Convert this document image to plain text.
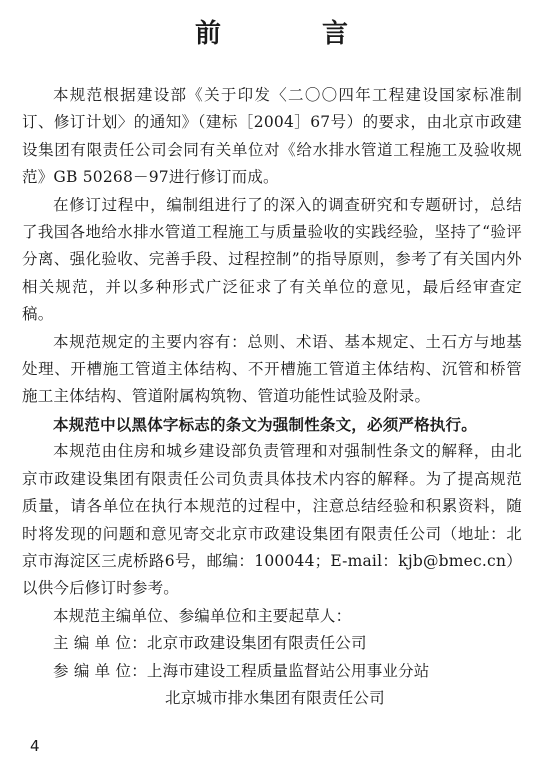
前 言

本规范根据建设部《关于印发〈二〇〇四年工程建设国家标准制订、修订计划〉的通知》（建标［2004］67号）的要求，由北京市政建设集团有限责任公司会同有关单位对《给水排水管道工程施工及验收规范》GB 50268－97进行修订而成。

在修订过程中，编制组进行了的深入的调查研究和专题研讨，总结了我国各地给水排水管道工程施工与质量验收的实践经验，坚持了“验评分离、强化验收、完善手段、过程控制”的指导原则，参考了有关国内外相关规范，并以多种形式广泛征求了有关单位的意见，最后经审查定稿。

本规范规定的主要内容有：总则、术语、基本规定、土石方与地基处理、开槽施工管道主体结构、不开槽施工管道主体结构、沉管和桥管施工主体结构、管道附属构筑物、管道功能性试验及附录。

本规范中以黑体字标志的条文为强制性条文，必须严格执行。

本规范由住房和城乡建设部负责管理和对强制性条文的解释，由北京市政建设集团有限责任公司负责具体技术内容的解释。为了提高规范质量，请各单位在执行本规范的过程中，注意总结经验和积累资料，随时将发现的问题和意见寄交北京市政建设集团有限责任公司（地址：北京市海淀区三虎桥路6号，邮编：100044；E-mail：kjb@bmec.cn）以供今后修订时参考。

本规范主编单位、参编单位和主要起草人：

主 编 单 位 ： 北京市政建设集团有限责任公司
参 编 单 位 ： 上海市建设工程质量监督站公用事业分站
北京城市排水集团有限责任公司
4
